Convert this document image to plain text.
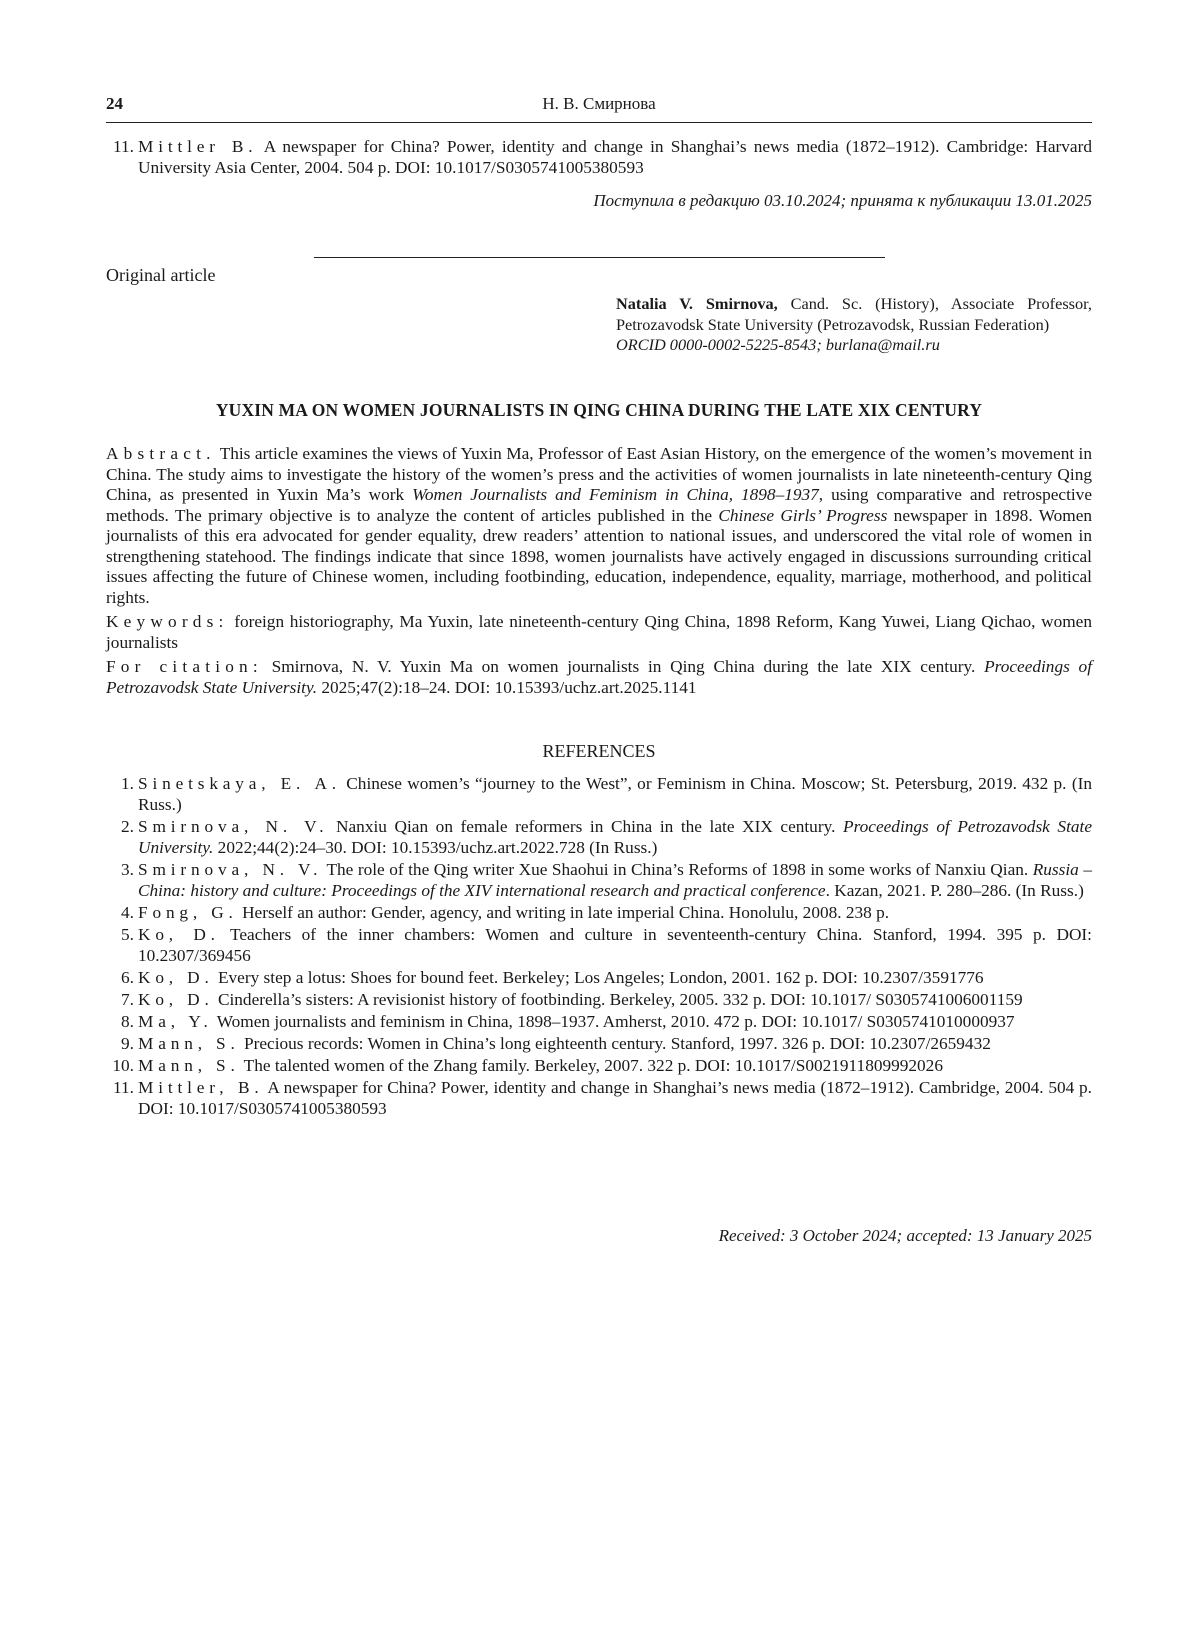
24	Н. В. Смирнова
11. Mittler B. A newspaper for China? Power, identity and change in Shanghai’s news media (1872–1912). Cambridge: Harvard University Asia Center, 2004. 504 p. DOI: 10.1017/S0305741005380593
Поступила в редакцию 03.10.2024; принята к публикации 13.01.2025
Original article
Natalia V. Smirnova, Cand. Sc. (History), Associate Professor, Petrozavodsk State University (Petrozavodsk, Russian Federation)
ORCID 0000-0002-5225-8543; burlana@mail.ru
YUXIN MA ON WOMEN JOURNALISTS IN QING CHINA DURING THE LATE XIX CENTURY

Abstract. This article examines the views of Yuxin Ma, Professor of East Asian History, on the emergence of the women’s movement in China. The study aims to investigate the history of the women’s press and the activities of women journalists in late nineteenth-century Qing China, as presented in Yuxin Ma’s work Women Journalists and Feminism in China, 1898–1937, using comparative and retrospective methods. The primary objective is to analyze the content of articles published in the Chinese Girls’ Progress newspaper in 1898. Women journalists of this era advocated for gender equality, drew readers’ attention to national issues, and underscored the vital role of women in strengthening statehood. The findings indicate that since 1898, women journalists have actively engaged in discussions surrounding critical issues affecting the future of Chinese women, including footbinding, education, independence, equality, marriage, motherhood, and political rights.

Keywords: foreign historiography, Ma Yuxin, late nineteenth-century Qing China, 1898 Reform, Kang Yuwei, Liang Qichao, women journalists

For citation: Smirnova, N. V. Yuxin Ma on women journalists in Qing China during the late XIX century. Proceedings of Petrozavodsk State University. 2025;47(2):18–24. DOI: 10.15393/uchz.art.2025.1141

REFERENCES
1. Sinetskaya, E. A. Chinese women’s “journey to the West”, or Feminism in China. Moscow; St. Petersburg, 2019. 432 p. (In Russ.)
2. Smirnova, N. V. Nanxiu Qian on female reformers in China in the late XIX century. Proceedings of Petrozavodsk State University. 2022;44(2):24–30. DOI: 10.15393/uchz.art.2022.728 (In Russ.)
3. Smirnova, N. V. The role of the Qing writer Xue Shaohui in China’s Reforms of 1898 in some works of Nanxiu Qian. Russia – China: history and culture: Proceedings of the XIV international research and practical conference. Kazan, 2021. P. 280–286. (In Russ.)
4. Fong, G. Herself an author: Gender, agency, and writing in late imperial China. Honolulu, 2008. 238 p.
5. Ko, D. Teachers of the inner chambers: Women and culture in seventeenth-century China. Stanford, 1994. 395 p. DOI: 10.2307/369456
6. Ko, D. Every step a lotus: Shoes for bound feet. Berkeley; Los Angeles; London, 2001. 162 p. DOI: 10.2307/3591776
7. Ko, D. Cinderella’s sisters: A revisionist history of footbinding. Berkeley, 2005. 332 p. DOI: 10.1017/ S0305741006001159
8. Ma, Y. Women journalists and feminism in China, 1898–1937. Amherst, 2010. 472 p. DOI: 10.1017/ S0305741010000937
9. Mann, S. Precious records: Women in China’s long eighteenth century. Stanford, 1997. 326 p. DOI: 10.2307/2659432
10. Mann, S. The talented women of the Zhang family. Berkeley, 2007. 322 p. DOI: 10.1017/S0021911809992026
11. Mittler, B. A newspaper for China? Power, identity and change in Shanghai’s news media (1872–1912). Cambridge, 2004. 504 p. DOI: 10.1017/S0305741005380593
Received: 3 October 2024; accepted: 13 January 2025
